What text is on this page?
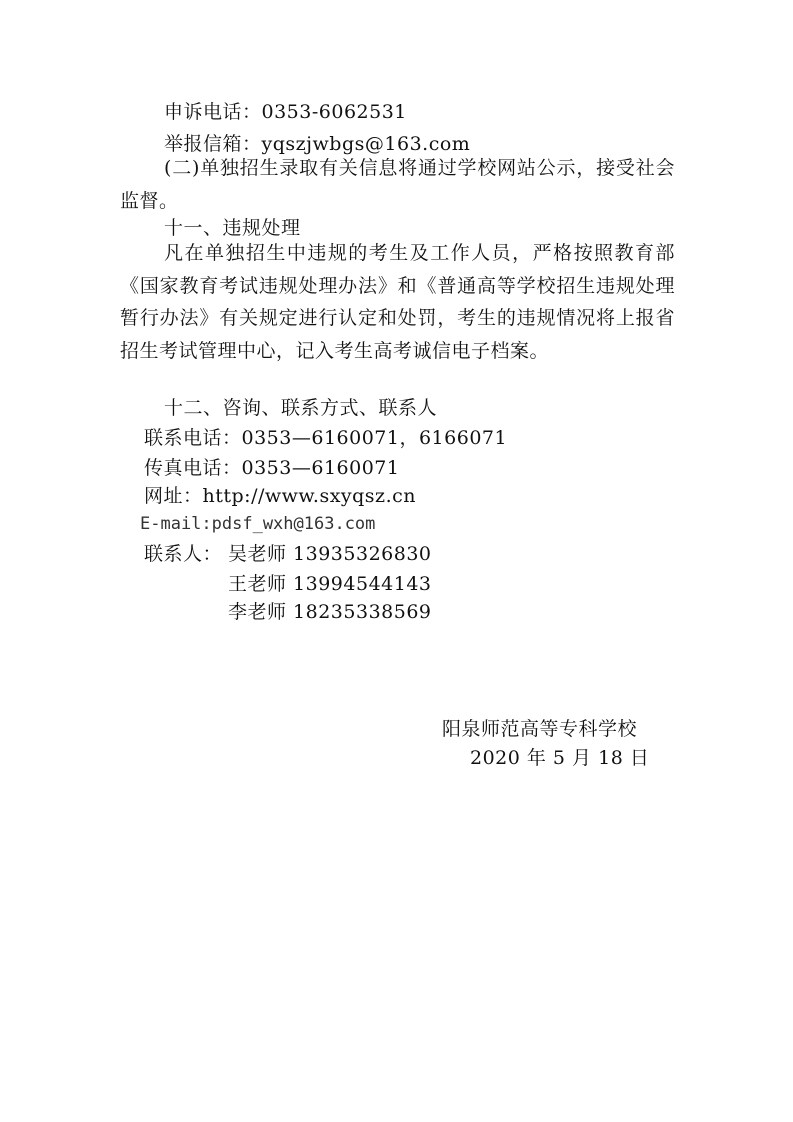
申诉电话：0353-6062531
举报信箱：yqszjwbgs@163.com
(二)单独招生录取有关信息将通过学校网站公示，接受社会监督。
十一、违规处理
凡在单独招生中违规的考生及工作人员，严格按照教育部《国家教育考试违规处理办法》和《普通高等学校招生违规处理暂行办法》有关规定进行认定和处罚，考生的违规情况将上报省招生考试管理中心，记入考生高考诚信电子档案。
十二、咨询、联系方式、联系人
联系电话：0353—6160071，6166071
传真电话：0353—6160071
网址：http://www.sxyqsz.cn
E-mail:pdsf_wxh@163.com
联系人： 吴老师 13935326830
王老师 13994544143
李老师 18235338569
阳泉师范高等专科学校
2020 年 5 月 18 日
